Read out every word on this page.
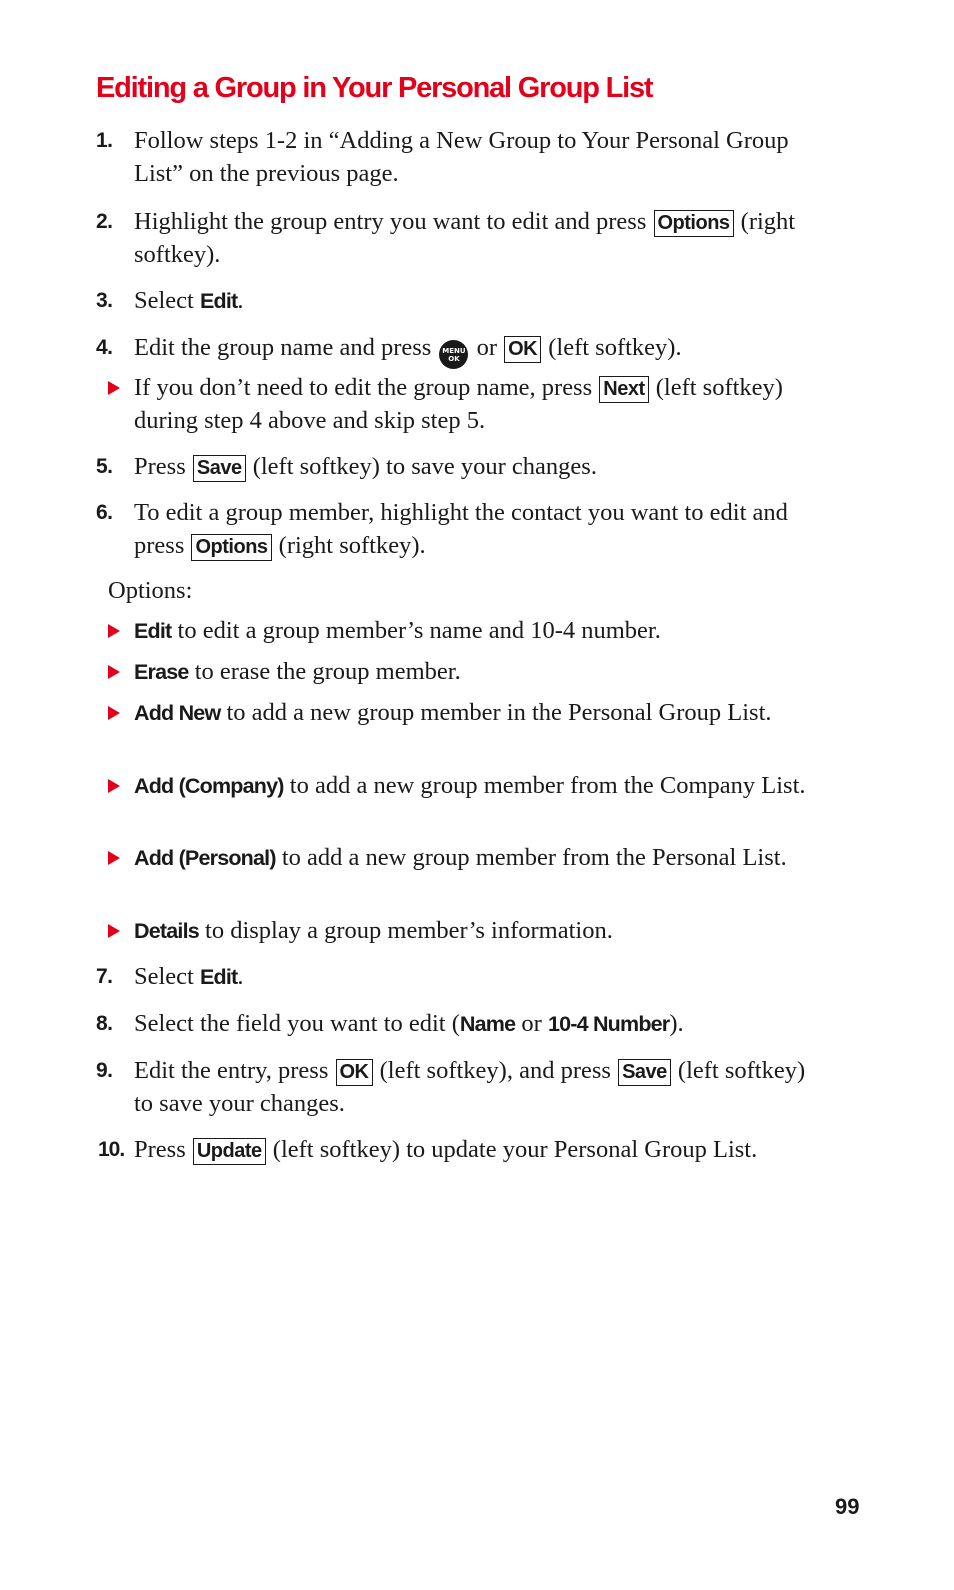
Editing a Group in Your Personal Group List
1. Follow steps 1-2 in “Adding a New Group to Your Personal Group List” on the previous page.
2. Highlight the group entry you want to edit and press Options (right softkey).
3. Select Edit.
4. Edit the group name and press MENU
OK or OK (left softkey).
If you don’t need to edit the group name, press Next (left softkey) during step 4 above and skip step 5.
5. Press Save (left softkey) to save your changes.
6. To edit a group member, highlight the contact you want to edit and press Options (right softkey).
Options:
Edit to edit a group member’s name and 10-4 number.
Erase to erase the group member.
Add New to add a new group member in the Personal Group List.
Add (Company) to add a new group member from the Company List.
Add (Personal) to add a new group member from the Personal List.
Details to display a group member’s information.
7. Select Edit.
8. Select the field you want to edit (Name or 10-4 Number).
9. Edit the entry, press OK (left softkey), and press Save (left softkey) to save your changes.
10. Press Update (left softkey) to update your Personal Group List.
99
